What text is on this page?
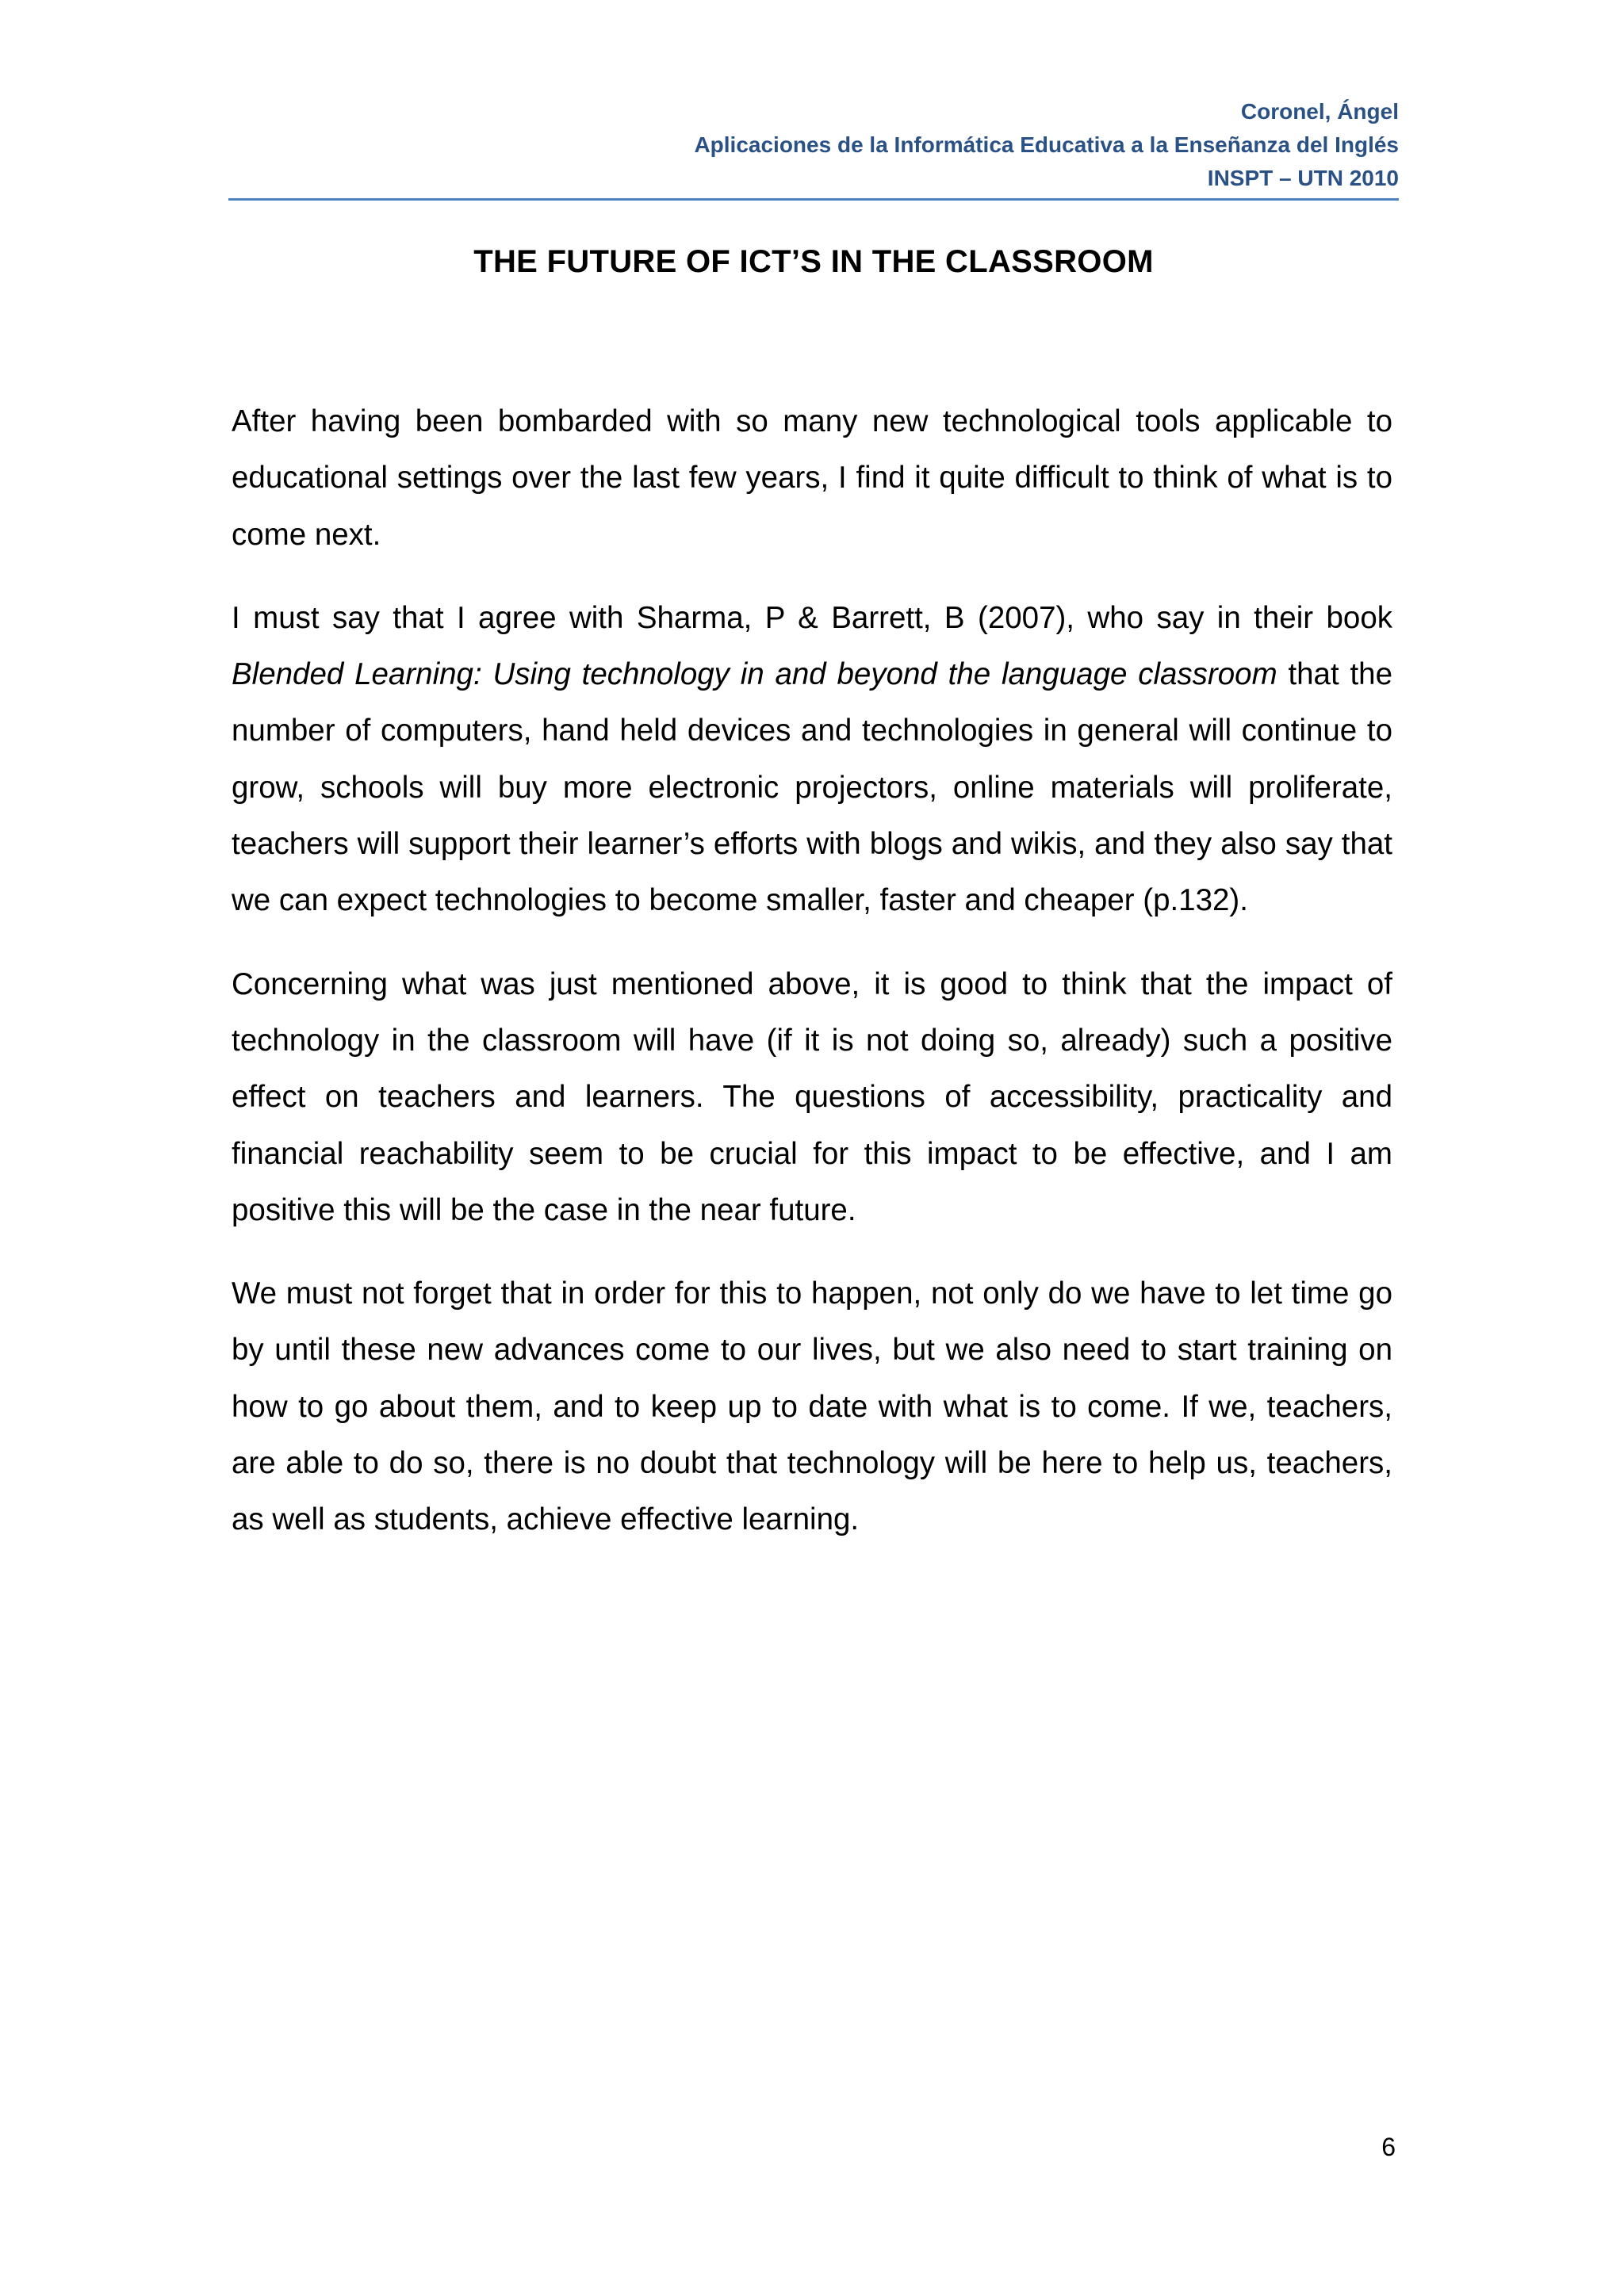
Coronel, Ángel
Aplicaciones de la Informática Educativa a la Enseñanza del Inglés
INSPT – UTN 2010
THE FUTURE OF ICT’S IN THE CLASSROOM

After having been bombarded with so many new technological tools applicable to educational settings over the last few years, I find it quite difficult to think of what is to come next.

I must say that I agree with Sharma, P & Barrett, B (2007), who say in their book Blended Learning: Using technology in and beyond the language classroom that the number of computers, hand held devices and technologies in general will continue to grow, schools will buy more electronic projectors, online materials will proliferate, teachers will support their learner’s efforts with blogs and wikis, and they also say that we can expect technologies to become smaller, faster and cheaper (p.132).

Concerning what was just mentioned above, it is good to think that the impact of technology in the classroom will have (if it is not doing so, already) such a positive effect on teachers and learners. The questions of accessibility, practicality and financial reachability seem to be crucial for this impact to be effective, and I am positive this will be the case in the near future.

We must not forget that in order for this to happen, not only do we have to let time go by until these new advances come to our lives, but we also need to start training on how to go about them, and to keep up to date with what is to come. If we, teachers, are able to do so, there is no doubt that technology will be here to help us, teachers, as well as students, achieve effective learning.

6
